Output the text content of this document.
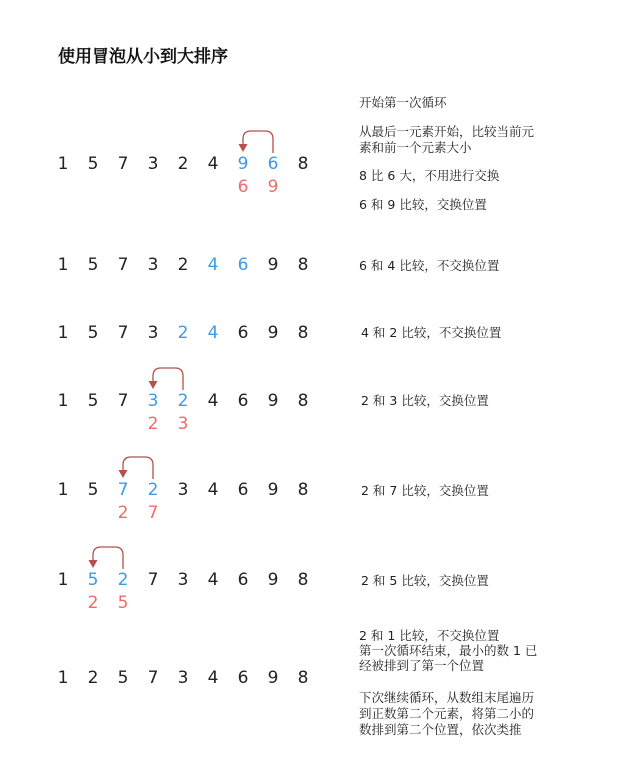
使用冒泡从小到大排序
1 5 7 3 2 4 9 6 8
6 9
1 5 7 3 2 4 6 9 8
1 5 7 3 2 4 6 9 8
1 5 7 3 2 4 6 9 8
2 3
1 5 7 2 3 4 6 9 8
2 7
1 5 2 7 3 4 6 9 8
2 5
1 2 5 7 3 4 6 9 8
开始第一次循环
从最后一元素开始，比较当前元
素和前一个元素大小
8 比 6 大，不用进行交换
6 和 9 比较，交换位置
6 和 4 比较，不交换位置
4 和 2 比较，不交换位置
2 和 3 比较，交换位置
2 和 7 比较，交换位置
2 和 5 比较，交换位置
2 和 1 比较，不交换位置
第一次循环结束，最小的数 1 已
经被排到了第一个位置
下次继续循环，从数组末尾遍历
到正数第二个元素，将第二小的
数排到第二个位置，依次类推
